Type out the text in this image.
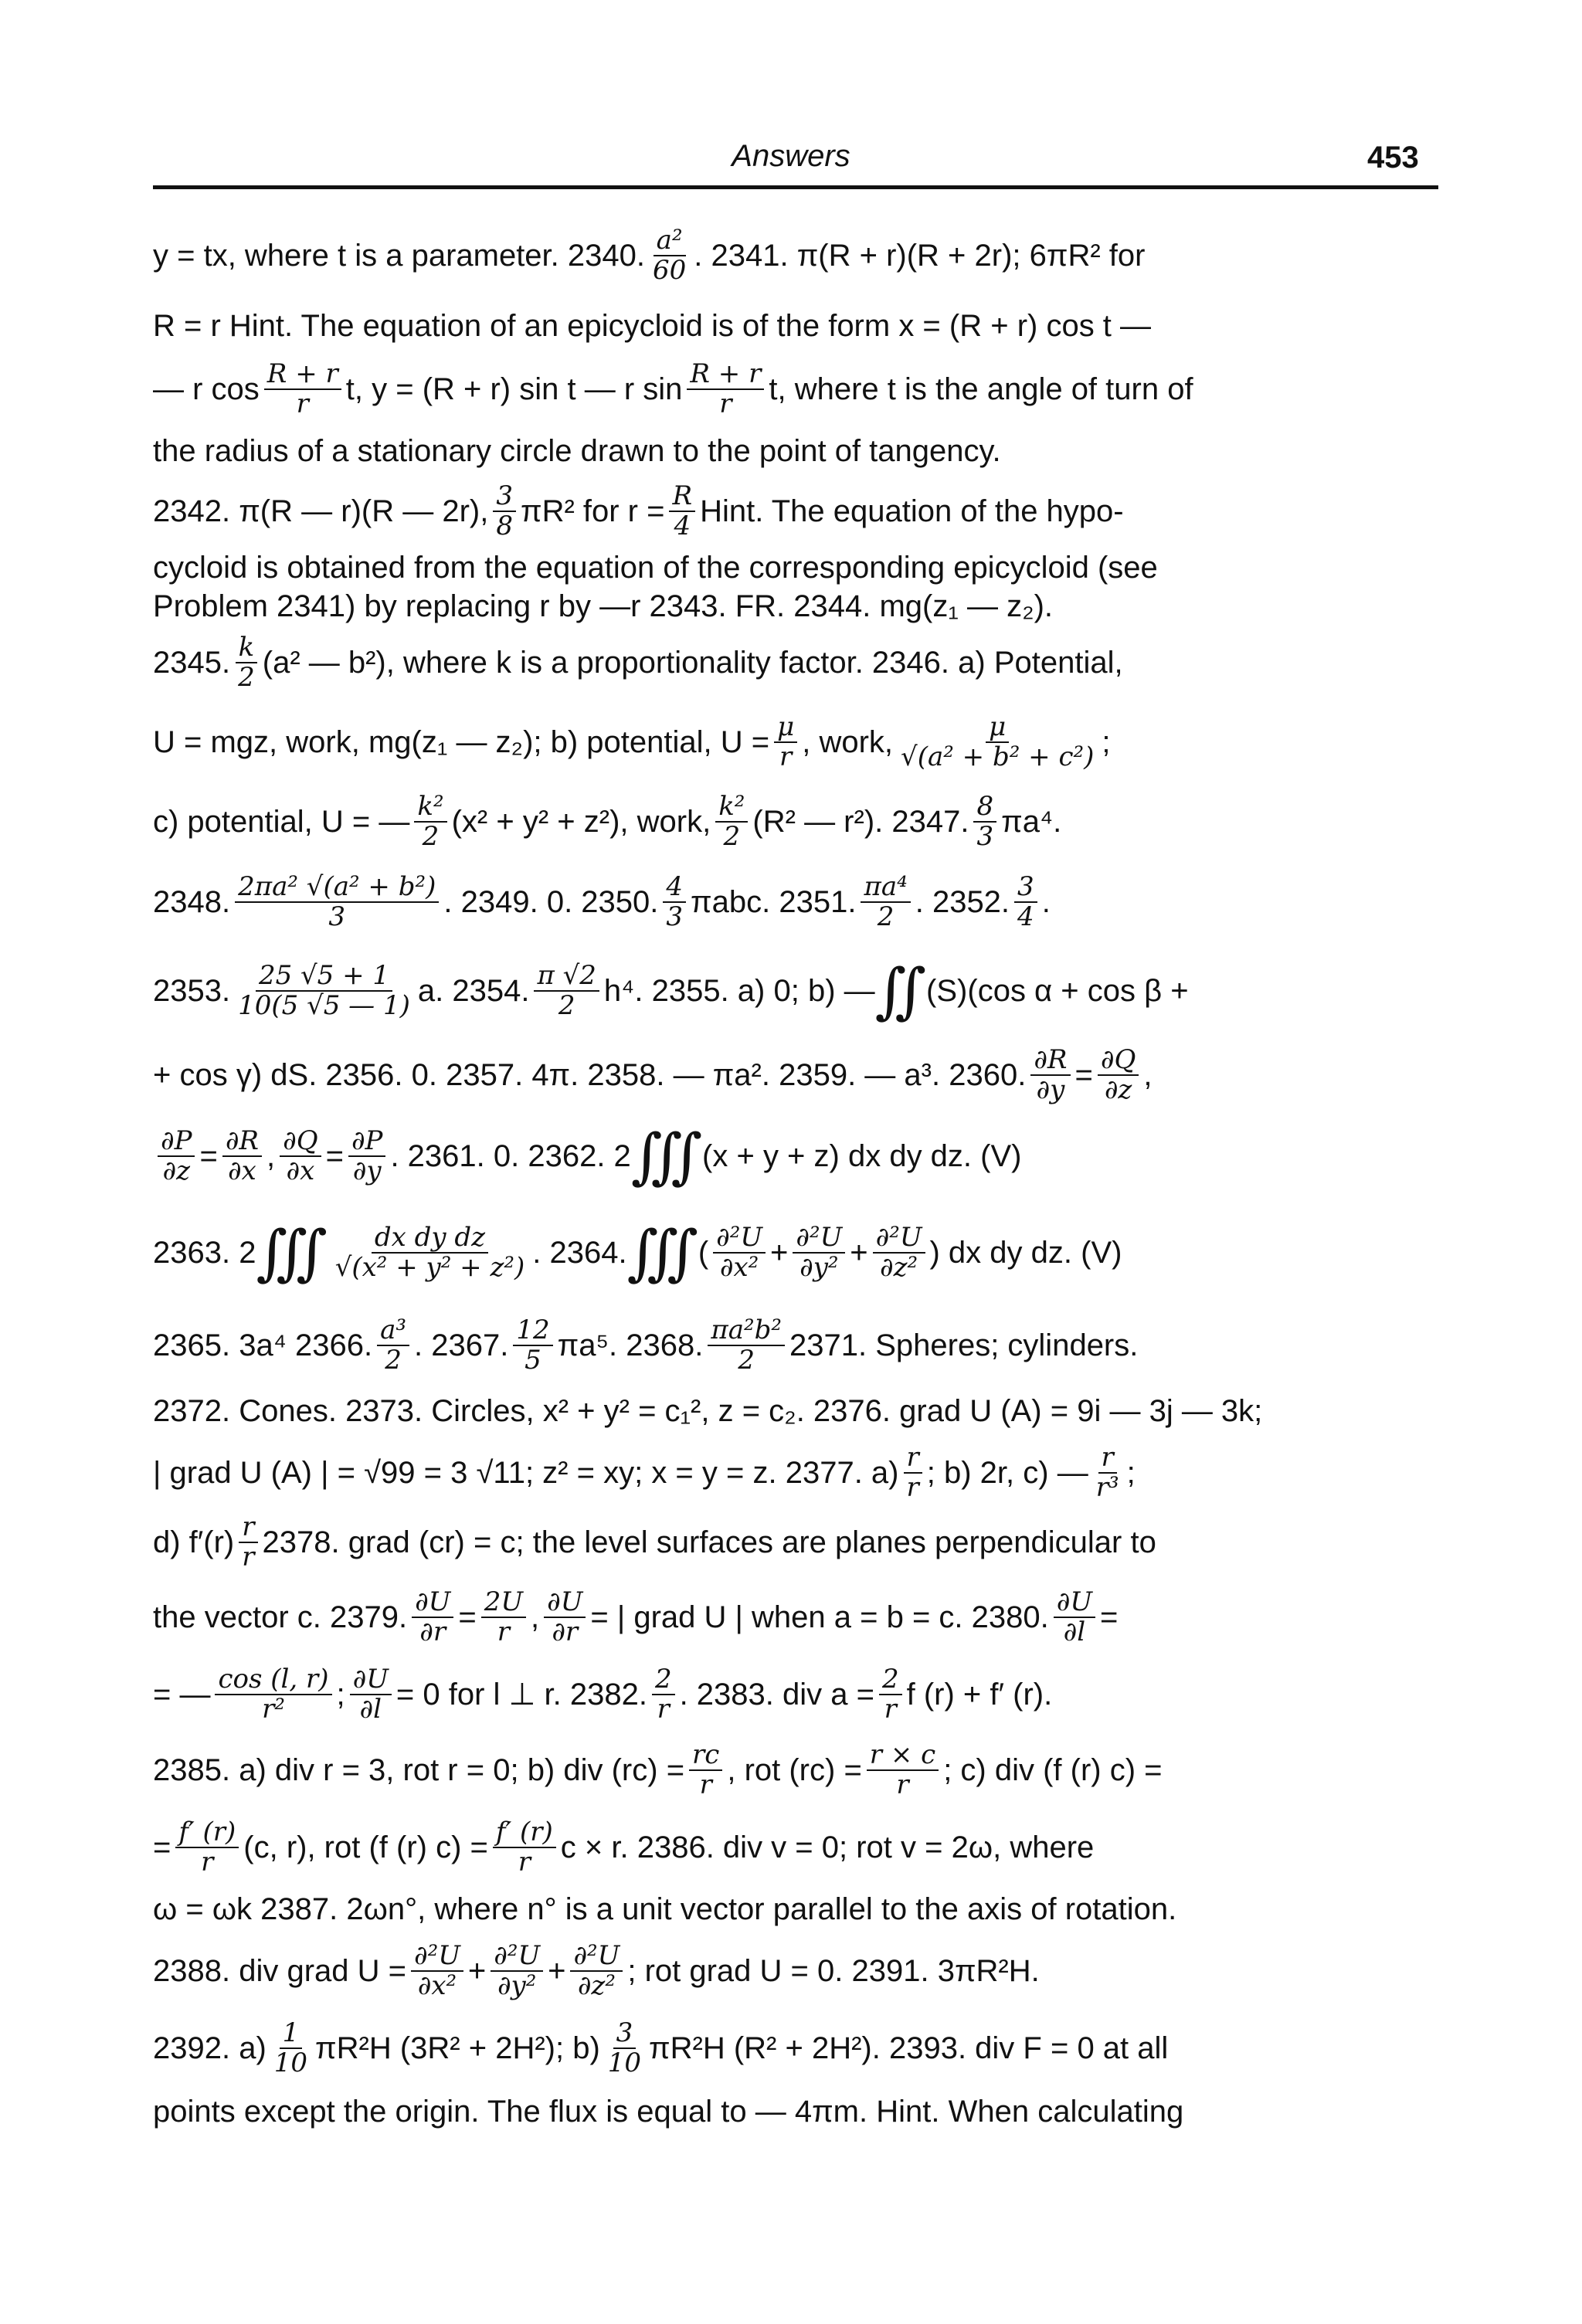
Answers	453
y = tx, where t is a parameter. 2340. $\frac{\text{a²}}{60}$ . 2341. π(R + r)(R + 2r); 6πR² for
R = r Hint. The equation of an epicycloid is of the form x = (R + r) cos t —
— r $\cos \frac{R + r}{r} t$, y = (R + r) sin t — r $\sin \frac{R + r}{r} t$, where t is the angle of turn of
the radius of a stationary circle drawn to the point of tangency.
2342. π(R — r)(R — 2r), $\frac{3}{8} \pi R^2$ for $r = \frac{R}{4}$ Hint. The equation of the hypo-
cycloid is obtained from the equation of the corresponding epicycloid (see
Problem 2341) by replacing r by —r 2343. FR. 2344. mg(z₁ — z₂).
2345. $\frac{k}{2} (a^2$ — b²), where k is a proportionality factor. 2346. a) Potential,
U = mgz, work, mg(z₁ — z₂); b) potential, $U = \frac{\mu}{r}$ , work, $\frac{\mu}{\text{√(a² + b² + c²)}}$ ;
c) potential, U = — $\frac{\text{k²}}{2} (x^2 + y^2 + z^2)$, work, $\frac{\text{k²}}{2} (R^2$ — r²). 2347. $\frac{8}{3} \pi a^4$.
2348. $\frac{\text{2πa² √(a² + b²)}}{3}$ . 2349. 0. 2350. $\frac{4}{3} \pi abc$. 2351. $\frac{\text{πa⁴}}{2}$ . 2352. $\frac{3}{4}$ .
2353. $\frac{25 √5 + 1}{10(5 √5 — 1)} a$. 2354. $\frac{\pi √2}{2} h^4$. 2355. a) 0; b) —∬(S)(cos α + cos β +
+ cos γ) dS. 2356. 0. 2357. 4π. 2358. — πa². 2359. — a³. 2360. $\frac{\partial R}{\partial y} = \frac{\partial Q}{\partial z}$ ,
$\frac{\partial P}{\partial z} = \frac{\partial R}{\partial x}$ , $\frac{\partial Q}{\partial x} = \frac{\partial P}{\partial y}$ . 2361. 0. 2362. 2∭(x + y + z) dx dy dz. (V)
2363. 2∭ $\frac{\text{dx dy dz}}{\text{√(x² + y² + z²)}}$ . 2364.∭( $\frac{\text{∂²U}}{\text{∂x²}} + \frac{\text{∂²U}}{\text{∂y²}} + \frac{\text{∂²U}}{\text{∂z²}}$ ) dx dy dz. (V)
2365. 3a⁴ 2366. $\frac{\text{a³}}{2}$ . 2367. $\frac{12}{5} \pi a^5$. 2368. $\frac{\text{πa²b²}}{2} 2371$. Spheres; cylinders.
2372. Cones. 2373. Circles, x² + y² = c₁², z = c₂. 2376. grad U (A) = 9i — 3j — 3k;
| grad U (A) | = √99 = 3 √11; z² = xy; x = y = z. 2377. $a) \frac{r}{r}$ ; b) 2r, c) — $\frac{r}{\text{r³}}$ ;
d) $f'(r) \frac{r}{r} 2378$. grad (cr) = c; the level surfaces are planes perpendicular to
the vector c. 2379. $\frac{\partial U}{\partial r} = \frac{2U}{r}$ , $\frac{\partial U}{\partial r}$ = | grad U | when a = b = c. 2380. $\frac{\partial U}{\partial l}$ =
= — $\frac{\cos (l, r)}{\text{r²}}$ ; $\frac{\partial U}{\partial l} = 0$ for l ⊥ r. 2382. $\frac{2}{r}$ . 2383. div $a = \frac{2}{r}$ f (r) + f′ (r).
2385. a) div r = 3, rot r = 0; b) div $(rc) = \frac{rc}{r}$ , rot $(rc) = \frac{r \times c}{r}$ ; c) div (f (r) c) =
= $\frac{f' (r)}{r} (c$, r), rot (f (r) $c) = \frac{f' (r)}{r}$ c × r. 2386. div v = 0; rot v = 2ω, where
ω = ωk 2387. 2ωn°, where n° is a unit vector parallel to the axis of rotation.
2388. div grad $U = \frac{\text{∂²U}}{\text{∂x²}} + \frac{\text{∂²U}}{\text{∂y²}} + \frac{\text{∂²U}}{\text{∂z²}}$ ; rot grad U = 0. 2391. 3πR²H.
2392. $a) \frac{1}{10} \pi R^2H$ (3R² + 2H²); $b) \frac{3}{10} \pi R^2H$ (R² + 2H²). 2393. div F = 0 at all
points except the origin. The flux is equal to — 4πm. Hint. When calculating
